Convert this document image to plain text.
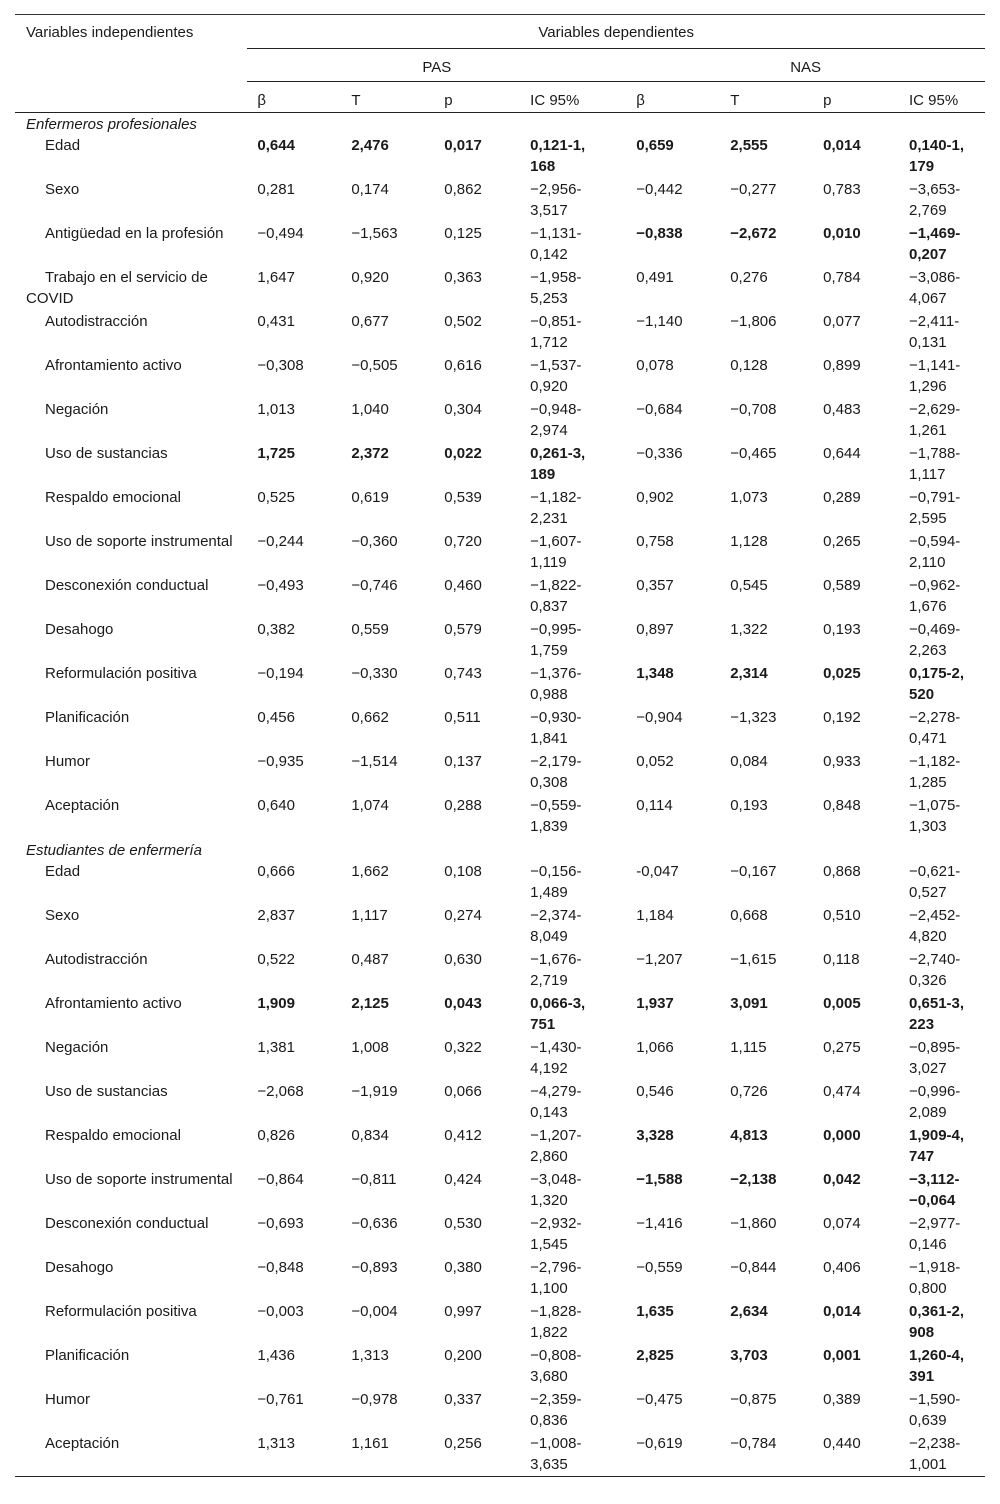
Variables independientes	Variables dependientes							
	PAS				NAS			
	β	T	p	IC 95%	β	T	p	IC 95%
Enfermeros profesionales								

Edad	0,644	2,476	0,017	0,121-1,168	0,659	2,555	0,014	0,140-1,179

Sexo	0,281	0,174	0,862	−2,956-3,517	−0,442	−0,277	0,783	−3,653-2,769

Antigüedad en la profesión	−0,494	−1,563	0,125	−1,131-0,142	−0,838	−2,672	0,010	−1,469-0,207

Trabajo en el servicio de COVID	1,647	0,920	0,363	−1,958-5,253	0,491	0,276	0,784	−3,086-4,067

Autodistracción	0,431	0,677	0,502	−0,851-1,712	−1,140	−1,806	0,077	−2,411-0,131

Afrontamiento activo	−0,308	−0,505	0,616	−1,537-0,920	0,078	0,128	0,899	−1,141-1,296

Negación	1,013	1,040	0,304	−0,948-2,974	−0,684	−0,708	0,483	−2,629-1,261

Uso de sustancias	1,725	2,372	0,022	0,261-3,189	−0,336	−0,465	0,644	−1,788-1,117

Respaldo emocional	0,525	0,619	0,539	−1,182-2,231	0,902	1,073	0,289	−0,791-2,595

Uso de soporte instrumental	−0,244	−0,360	0,720	−1,607-1,119	0,758	1,128	0,265	−0,594-2,110

Desconexión conductual	−0,493	−0,746	0,460	−1,822-0,837	0,357	0,545	0,589	−0,962-1,676

Desahogo	0,382	0,559	0,579	−0,995-1,759	0,897	1,322	0,193	−0,469-2,263

Reformulación positiva	−0,194	−0,330	0,743	−1,376-0,988	1,348	2,314	0,025	0,175-2,520

Planificación	0,456	0,662	0,511	−0,930-1,841	−0,904	−1,323	0,192	−2,278-0,471

Humor	−0,935	−1,514	0,137	−2,179-0,308	0,052	0,084	0,933	−1,182-1,285

Aceptación	0,640	1,074	0,288	−0,559-1,839	0,114	0,193	0,848	−1,075-1,303

Estudiantes de enfermería								

Edad	0,666	1,662	0,108	−0,156-1,489	-0,047	−0,167	0,868	−0,621-0,527

Sexo	2,837	1,117	0,274	−2,374-8,049	1,184	0,668	0,510	−2,452-4,820

Autodistracción	0,522	0,487	0,630	−1,676-2,719	−1,207	−1,615	0,118	−2,740-0,326

Afrontamiento activo	1,909	2,125	0,043	0,066-3,751	1,937	3,091	0,005	0,651-3,223

Negación	1,381	1,008	0,322	−1,430-4,192	1,066	1,115	0,275	−0,895-3,027

Uso de sustancias	−2,068	−1,919	0,066	−4,279-0,143	0,546	0,726	0,474	−0,996-2,089

Respaldo emocional	0,826	0,834	0,412	−1,207-2,860	3,328	4,813	0,000	1,909-4,747

Uso de soporte instrumental	−0,864	−0,811	0,424	−3,048-1,320	−1,588	−2,138	0,042	−3,112-−0,064

Desconexión conductual	−0,693	−0,636	0,530	−2,932-1,545	−1,416	−1,860	0,074	−2,977-0,146

Desahogo	−0,848	−0,893	0,380	−2,796-1,100	−0,559	−0,844	0,406	−1,918-0,800

Reformulación positiva	−0,003	−0,004	0,997	−1,828-1,822	1,635	2,634	0,014	0,361-2,908

Planificación	1,436	1,313	0,200	−0,808-3,680	2,825	3,703	0,001	1,260-4,391

Humor	−0,761	−0,978	0,337	−2,359-0,836	−0,475	−0,875	0,389	−1,590-0,639

Aceptación	1,313	1,161	0,256	−1,008-3,635	−0,619	−0,784	0,440	−2,238-1,001
